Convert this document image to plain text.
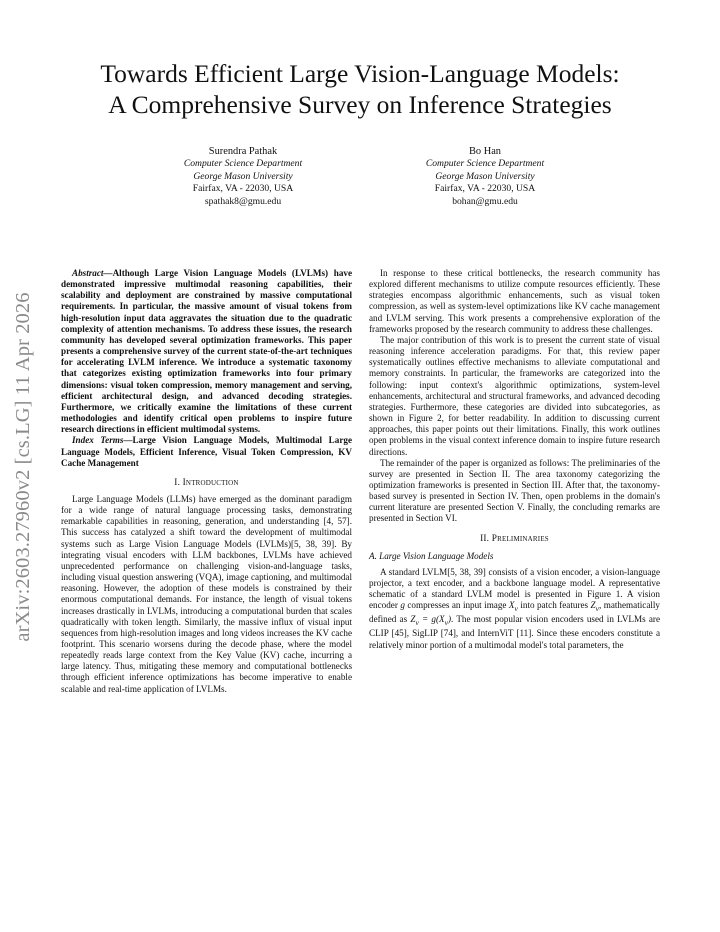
Towards Efficient Large Vision-Language Models:
A Comprehensive Survey on Inference Strategies
Surendra Pathak
Computer Science Department
George Mason University
Fairfax, VA - 22030, USA
spathak8@gmu.edu
Bo Han
Computer Science Department
George Mason University
Fairfax, VA - 22030, USA
bohan@gmu.edu
arXiv:2603.27960v2 [cs.LG] 11 Apr 2026

Abstract—Although Large Vision Language Models (LVLMs) have demonstrated impressive multimodal reasoning capabilities, their scalability and deployment are constrained by massive computational requirements. In particular, the massive amount of visual tokens from high-resolution input data aggravates the situation due to the quadratic complexity of attention mechanisms. To address these issues, the research community has developed several optimization frameworks. This paper presents a comprehensive survey of the current state-of-the-art techniques for accelerating LVLM inference. We introduce a systematic taxonomy that categorizes existing optimization frameworks into four primary dimensions: visual token compression, memory management and serving, efficient architectural design, and advanced decoding strategies. Furthermore, we critically examine the limitations of these current methodologies and identify critical open problems to inspire future research directions in efficient multimodal systems.

Index Terms—Large Vision Language Models, Multimodal Large Language Models, Efficient Inference, Visual Token Compression, KV Cache Management

I. Introduction

Large Language Models (LLMs) have emerged as the dominant paradigm for a wide range of natural language processing tasks, demonstrating remarkable capabilities in reasoning, generation, and understanding [4, 57]. This success has catalyzed a shift toward the development of multimodal systems such as Large Vision Language Models (LVLMs)[5, 38, 39]. By integrating visual encoders with LLM backbones, LVLMs have achieved unprecedented performance on challenging vision-and-language tasks, including visual question answering (VQA), image captioning, and multimodal reasoning. However, the adoption of these models is constrained by their enormous computational demands. For instance, the length of visual tokens increases drastically in LVLMs, introducing a computational burden that scales quadratically with token length. Similarly, the massive influx of visual input sequences from high-resolution images and long videos increases the KV cache footprint. This scenario worsens during the decode phase, where the model repeatedly reads large context from the Key Value (KV) cache, incurring a large latency. Thus, mitigating these memory and computational bottlenecks through efficient inference optimizations has become imperative to enable scalable and real-time application of LVLMs.

In response to these critical bottlenecks, the research community has explored different mechanisms to utilize compute resources efficiently. These strategies encompass algorithmic enhancements, such as visual token compression, as well as system-level optimizations like KV cache management and LVLM serving. This work presents a comprehensive exploration of the frameworks proposed by the research community to address these challenges.

The major contribution of this work is to present the current state of visual reasoning inference acceleration paradigms. For that, this review paper systematically outlines effective mechanisms to alleviate computational and memory constraints. In particular, the frameworks are categorized into the following: input context's algorithmic optimizations, system-level enhancements, architectural and structural frameworks, and advanced decoding strategies. Furthermore, these categories are divided into subcategories, as shown in Figure 2, for better readability. In addition to discussing current approaches, this paper points out their limitations. Finally, this work outlines open problems in the visual context inference domain to inspire future research directions.

The remainder of the paper is organized as follows: The preliminaries of the survey are presented in Section II. The area taxonomy categorizing the optimization frameworks is presented in Section III. After that, the taxonomy-based survey is presented in Section IV. Then, open problems in the domain's current literature are presented Section V. Finally, the concluding remarks are presented in Section VI.

II. Preliminaries
A. Large Vision Language Models

A standard LVLM[5, 38, 39] consists of a vision encoder, a vision-language projector, a text encoder, and a backbone language model. A representative schematic of a standard LVLM model is presented in Figure 1. A vision encoder g compresses an input image $X_v$ into patch features $Z_v$, mathematically defined as $Z_v = g(X_v)$. The most popular vision encoders used in LVLMs are CLIP [45], SigLIP [74], and InternViT [11]. Since these encoders constitute a relatively minor portion of a multimodal model's total parameters, the
